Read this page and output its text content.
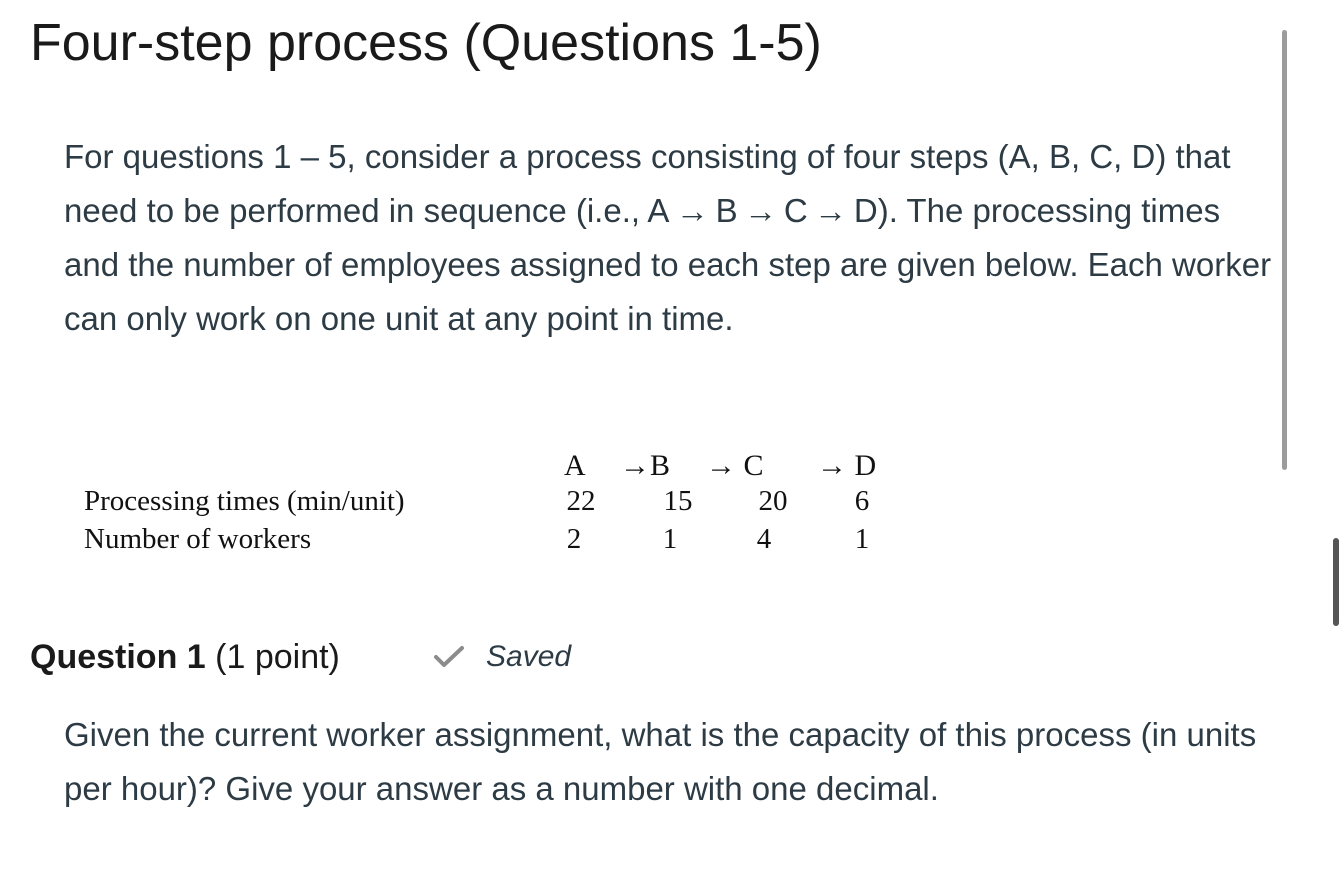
Four-step process (Questions 1-5)

For questions 1 – 5, consider a process consisting of four steps (A, B, C, D) that need to be performed in sequence (i.e., A → B → C → D). The processing times and the number of employees assigned to each step are given below. Each worker can only work on one unit at any point in time.

A →B → C → D
Processing times (min/unit)	22 15 20 6
Number of workers	2	1	4	1
Question 1 (1 point)	Saved

Given the current worker assignment, what is the capacity of this process (in units per hour)? Give your answer as a number with one decimal.
